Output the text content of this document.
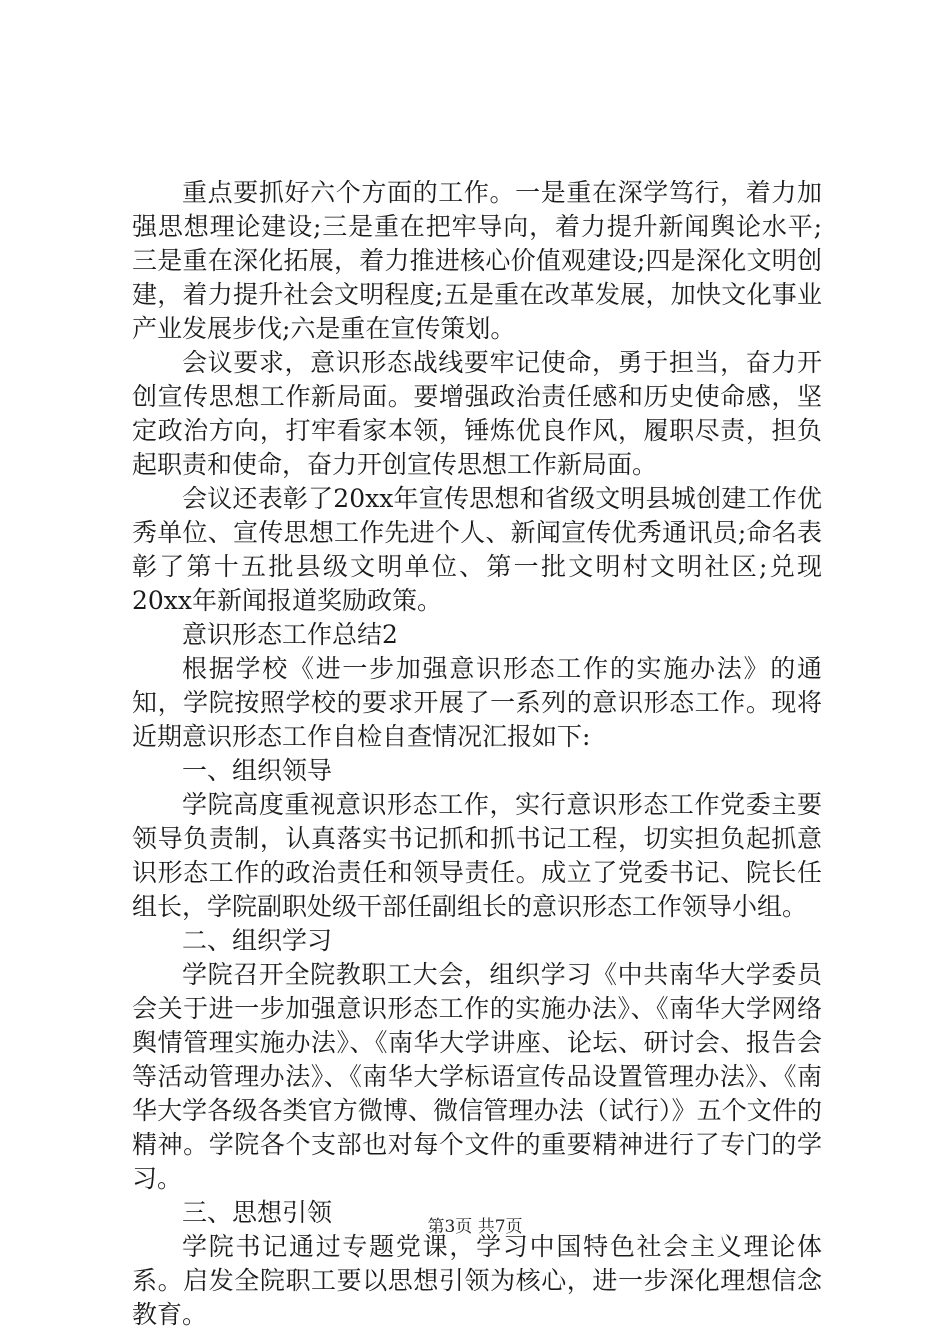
重点要抓好六个方面的工作。一是重在深学笃行，着力加强思想理论建设;三是重在把牢导向，着力提升新闻舆论水平;三是重在深化拓展，着力推进核心价值观建设;四是深化文明创建，着力提升社会文明程度;五是重在改革发展，加快文化事业产业发展步伐;六是重在宣传策划。

会议要求，意识形态战线要牢记使命，勇于担当，奋力开创宣传思想工作新局面。要增强政治责任感和历史使命感，坚定政治方向，打牢看家本领，锤炼优良作风，履职尽责，担负起职责和使命，奋力开创宣传思想工作新局面。

会议还表彰了20xx年宣传思想和省级文明县城创建工作优秀单位、宣传思想工作先进个人、新闻宣传优秀通讯员;命名表彰了第十五批县级文明单位、第一批文明村文明社区;兑现20xx年新闻报道奖励政策。

意识形态工作总结2

根据学校《进一步加强意识形态工作的实施办法》的通知，学院按照学校的要求开展了一系列的意识形态工作。现将近期意识形态工作自检自查情况汇报如下:

一、组织领导

学院高度重视意识形态工作，实行意识形态工作党委主要领导负责制，认真落实书记抓和抓书记工程，切实担负起抓意识形态工作的政治责任和领导责任。成立了党委书记、院长任组长，学院副职处级干部任副组长的意识形态工作领导小组。

二、组织学习

学院召开全院教职工大会，组织学习《中共南华大学委员会关于进一步加强意识形态工作的实施办法》、《南华大学网络舆情管理实施办法》、《南华大学讲座、论坛、研讨会、报告会等活动管理办法》、《南华大学标语宣传品设置管理办法》、《南华大学各级各类官方微博、微信管理办法（试行）》五个文件的精神。学院各个支部也对每个文件的重要精神进行了专门的学习。

三、思想引领

学院书记通过专题党课，学习中国特色社会主义理论体系。启发全院职工要以思想引领为核心，进一步深化理想信念教育。

第3页 共7页
